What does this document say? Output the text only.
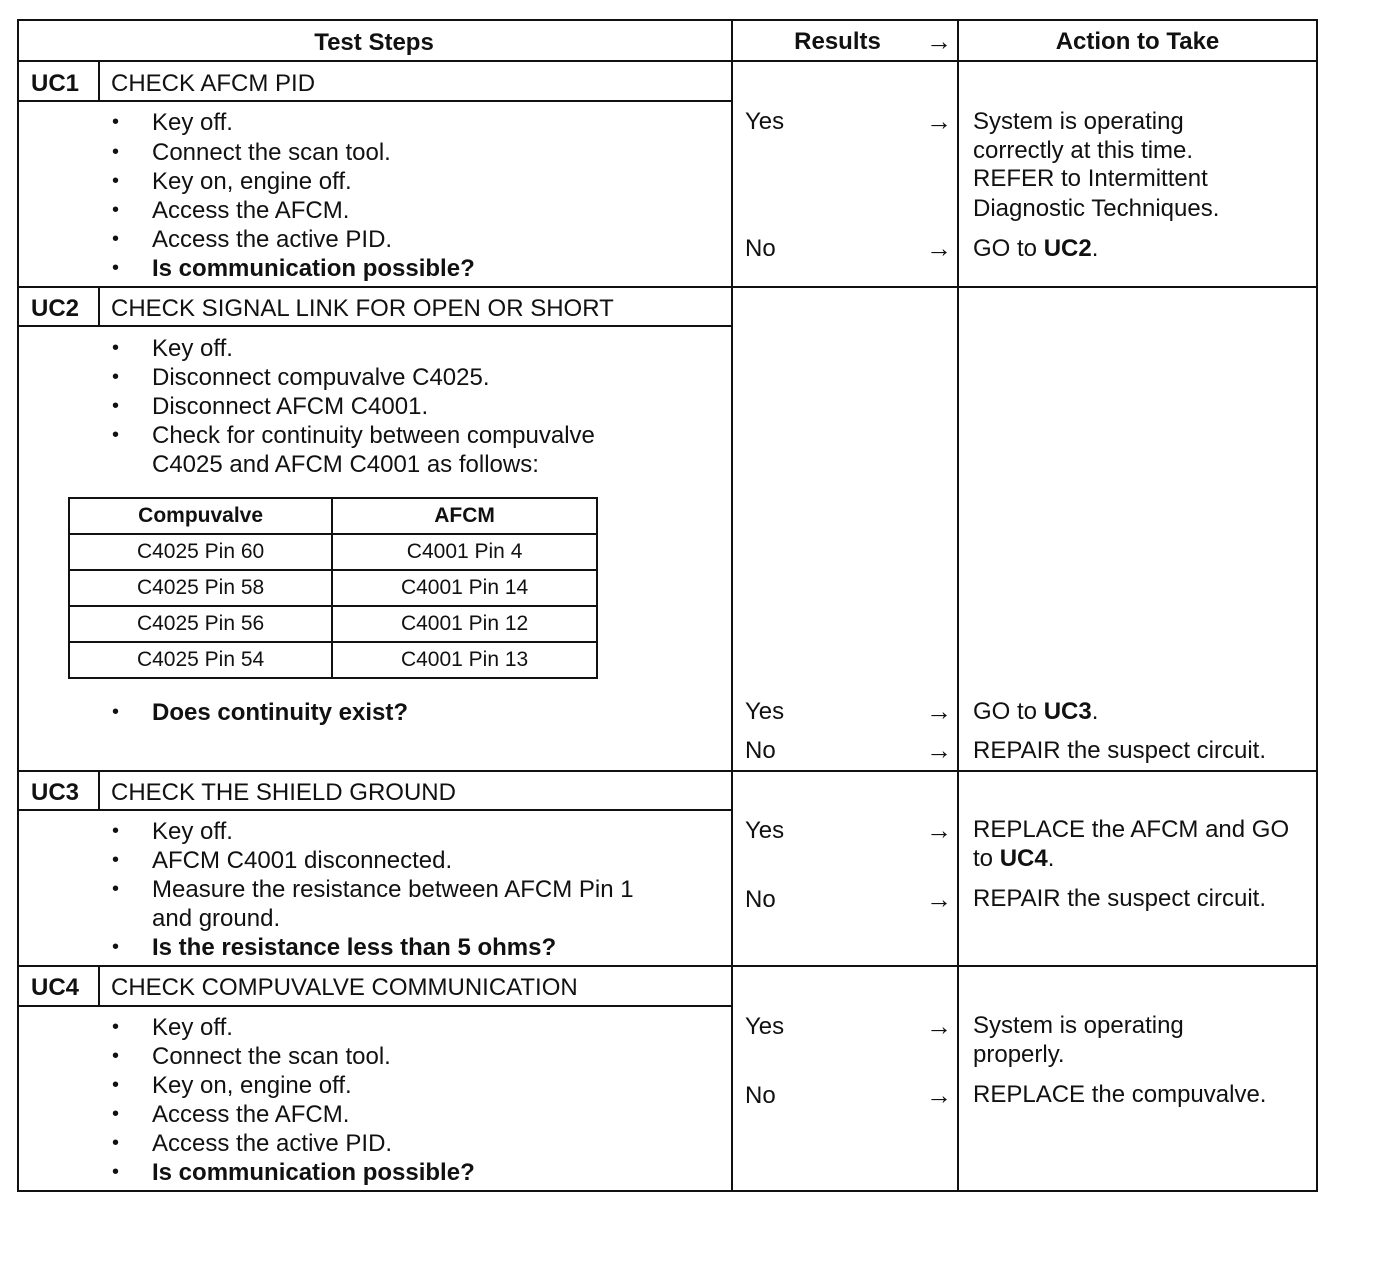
Test Steps	Results	→	Action to Take
UC1 CHECK AFCM PID
• Key off.
• Connect the scan tool.
• Key on, engine off.
• Access the AFCM.
• Access the active PID.
• Is communication possible?
Yes	→ System is operating
correctly at this time.
REFER to Intermittent
Diagnostic Techniques.
No	→ GO to UC2.
UC2 CHECK SIGNAL LINK FOR OPEN OR SHORT
• Key off.
• Disconnect compuvalve C4025.
• Disconnect AFCM C4001.
• Check for continuity between compuvalve
C4025 and AFCM C4001 as follows:
Compuvalve	AFCM
C4025 Pin 60	C4001 Pin 4
C4025 Pin 58	C4001 Pin 14
C4025 Pin 56	C4001 Pin 12
C4025 Pin 54	C4001 Pin 13
• Does continuity exist?	Yes	→ GO to UC3.
No	→ REPAIR the suspect circuit.
UC3 CHECK THE SHIELD GROUND
• Key off.
• AFCM C4001 disconnected.
• Measure the resistance between AFCM Pin 1
and ground.
• Is the resistance less than 5 ohms?
Yes	→ REPLACE the AFCM and GO
to UC4.
No	→ REPAIR the suspect circuit.
UC4 CHECK COMPUVALVE COMMUNICATION
• Key off.
• Connect the scan tool.
• Key on, engine off.
• Access the AFCM.
• Access the active PID.
• Is communication possible?
Yes	→ System is operating
properly.
No	→ REPLACE the compuvalve.
